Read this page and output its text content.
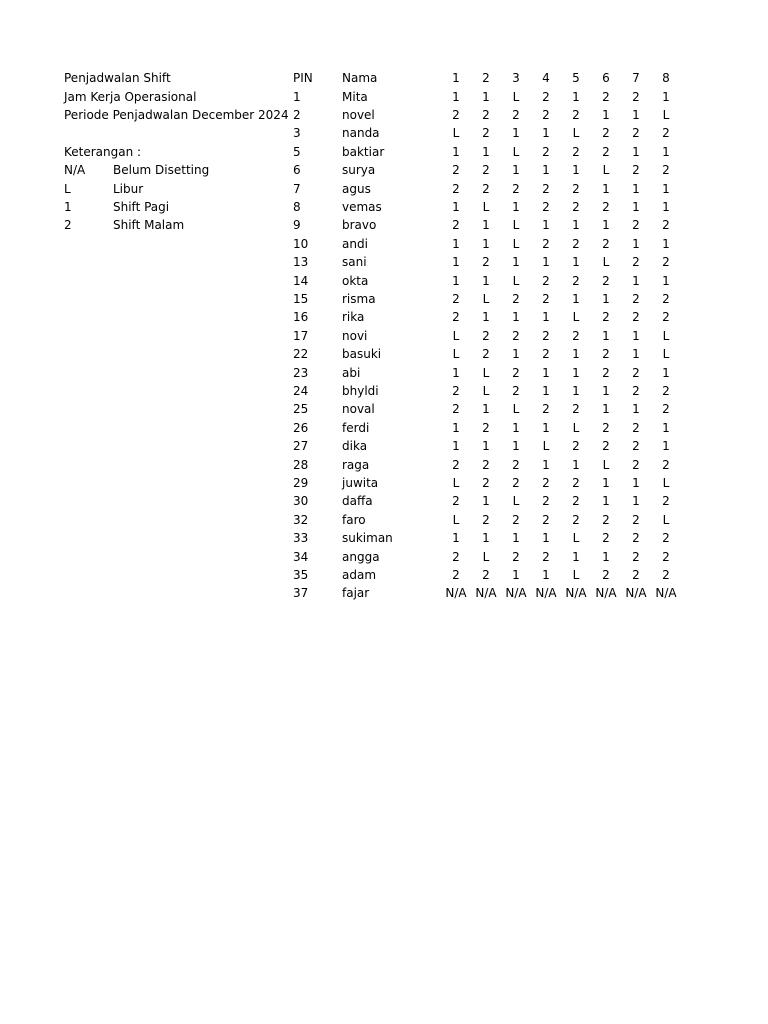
Penjadwalan Shift
Jam Kerja Operasional
Periode Penjadwalan December 2024
Keterangan :
N/A Belum Disetting
L	Libur
1	Shift Pagi
2	Shift Malam
PIN Nama	1	2	3	4	5	6	7	8
1	Mita	1	1	L	2	1	2	2	1
2	novel	2	2	2	2	2	1	1	L
3	nanda	L	2	1	1	L	2	2	2
5	baktiar	1	1	L	2	2	2	1	1
6	surya	2	2	1	1	1	L	2	2
7	agus	2	2	2	2	2	1	1	1
8	vemas	1	L	1	2	2	2	1	1
9	bravo	2	1	L	1	1	1	2	2
10	andi	1	1	L	2	2	2	1	1
13	sani	1	2	1	1	1	L	2	2
14	okta	1	1	L	2	2	2	1	1
15	risma	2	L	2	2	1	1	2	2
16	rika	2	1	1	1	L	2	2	2
17	novi	L	2	2	2	2	1	1	L
22	basuki	L	2	1	2	1	2	1	L
23	abi	1	L	2	1	1	2	2	1
24	bhyldi	2	L	2	1	1	1	2	2
25	noval	2	1	L	2	2	1	1	2
26	ferdi	1	2	1	1	L	2	2	1
27	dika	1	1	1	L	2	2	2	1
28	raga	2	2	2	1	1	L	2	2
29	juwita	L	2	2	2	2	1	1	L
30	daffa	2	1	L	2	2	1	1	2
32	faro	L	2	2	2	2	2	2	L
33	sukiman	1	1	1	1	L	2	2	2
34	angga	2	L	2	2	1	1	2	2
35	adam	2	2	1	1	L	2	2	2
37	fajar	N/A N/A N/A N/A N/A N/A N/A N/A
